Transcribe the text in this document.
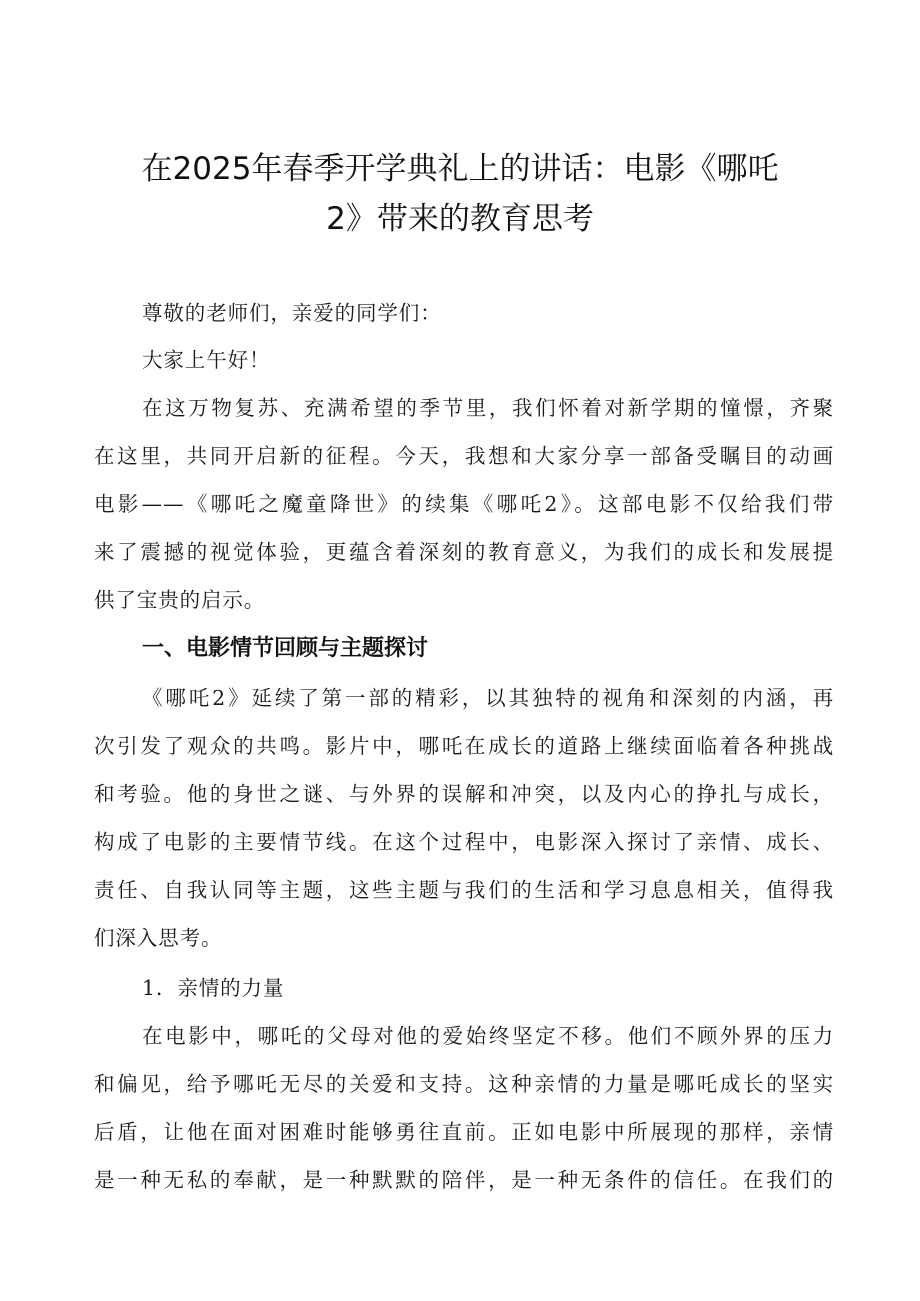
在2025年春季开学典礼上的讲话：电影《哪吒
2》带来的教育思考

尊敬的老师们，亲爱的同学们：

大家上午好！

在这万物复苏、充满希望的季节里，我们怀着对新学期的憧憬，齐聚

在这里，共同开启新的征程。今天，我想和大家分享一部备受瞩目的动画

电影——《哪吒之魔童降世》的续集《哪吒2》。这部电影不仅给我们带

来了震撼的视觉体验，更蕴含着深刻的教育意义，为我们的成长和发展提

供了宝贵的启示。

一、电影情节回顾与主题探讨

《哪吒2》延续了第一部的精彩，以其独特的视角和深刻的内涵，再

次引发了观众的共鸣。影片中，哪吒在成长的道路上继续面临着各种挑战

和考验。他的身世之谜、与外界的误解和冲突，以及内心的挣扎与成长，

构成了电影的主要情节线。在这个过程中，电影深入探讨了亲情、成长、

责任、自我认同等主题，这些主题与我们的生活和学习息息相关，值得我

们深入思考。

1．亲情的力量

在电影中，哪吒的父母对他的爱始终坚定不移。他们不顾外界的压力

和偏见，给予哪吒无尽的关爱和支持。这种亲情的力量是哪吒成长的坚实

后盾，让他在面对困难时能够勇往直前。正如电影中所展现的那样，亲情

是一种无私的奉献，是一种默默的陪伴，是一种无条件的信任。在我们的
